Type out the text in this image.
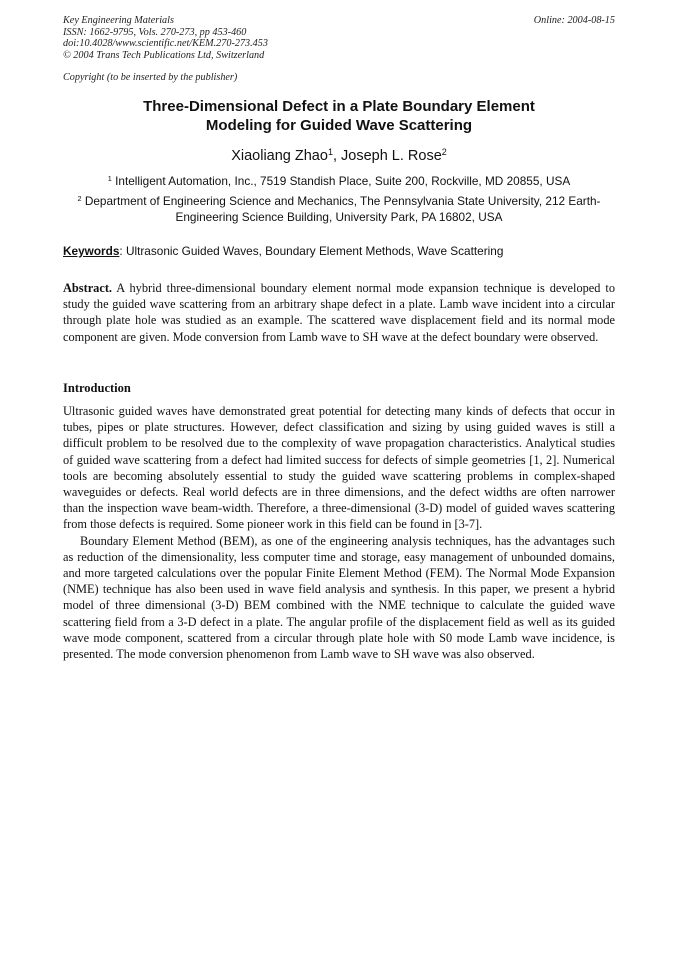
Key Engineering Materials
ISSN: 1662-9795, Vols. 270-273, pp 453-460
doi:10.4028/www.scientific.net/KEM.270-273.453
© 2004 Trans Tech Publications Ltd, Switzerland
Online: 2004-08-15
Copyright (to be inserted by the publisher)
Three-Dimensional Defect in a Plate Boundary Element
Modeling for Guided Wave Scattering
Xiaoliang Zhao$^1$, Joseph L. Rose$^2$
$^1$ Intelligent Automation, Inc., 7519 Standish Place, Suite 200, Rockville, MD 20855, USA
$^2$ Department of Engineering Science and Mechanics, The Pennsylvania State University, 212 Earth-Engineering Science Building, University Park, PA 16802, USA
Keywords: Ultrasonic Guided Waves, Boundary Element Methods, Wave Scattering
Abstract. A hybrid three-dimensional boundary element normal mode expansion technique is developed to study the guided wave scattering from an arbitrary shape defect in a plate. Lamb wave incident into a circular through plate hole was studied as an example. The scattered wave displacement field and its normal mode component are given. Mode conversion from Lamb wave to SH wave at the defect boundary were observed.
Introduction

Ultrasonic guided waves have demonstrated great potential for detecting many kinds of defects that occur in tubes, pipes or plate structures. However, defect classification and sizing by using guided waves is still a difficult problem to be resolved due to the complexity of wave propagation characteristics. Analytical studies of guided wave scattering from a defect had limited success for defects of simple geometries [1, 2]. Numerical tools are becoming absolutely essential to study the guided wave scattering problems in complex-shaped waveguides or defects. Real world defects are in three dimensions, and the defect widths are often narrower than the inspection wave beam-width. Therefore, a three-dimensional (3-D) model of guided waves scattering from those defects is required. Some pioneer work in this field can be found in [3-7].

Boundary Element Method (BEM), as one of the engineering analysis techniques, has the advantages such as reduction of the dimensionality, less computer time and storage, easy management of unbounded domains, and more targeted calculations over the popular Finite Element Method (FEM). The Normal Mode Expansion (NME) technique has also been used in wave field analysis and synthesis. In this paper, we present a hybrid model of three dimensional (3-D) BEM combined with the NME technique to calculate the guided wave scattering field from a 3-D defect in a plate. The angular profile of the displacement field as well as its guided wave mode component, scattered from a circular through plate hole with S0 mode Lamb wave incidence, is presented. The mode conversion phenomenon from Lamb wave to SH wave was also observed.
